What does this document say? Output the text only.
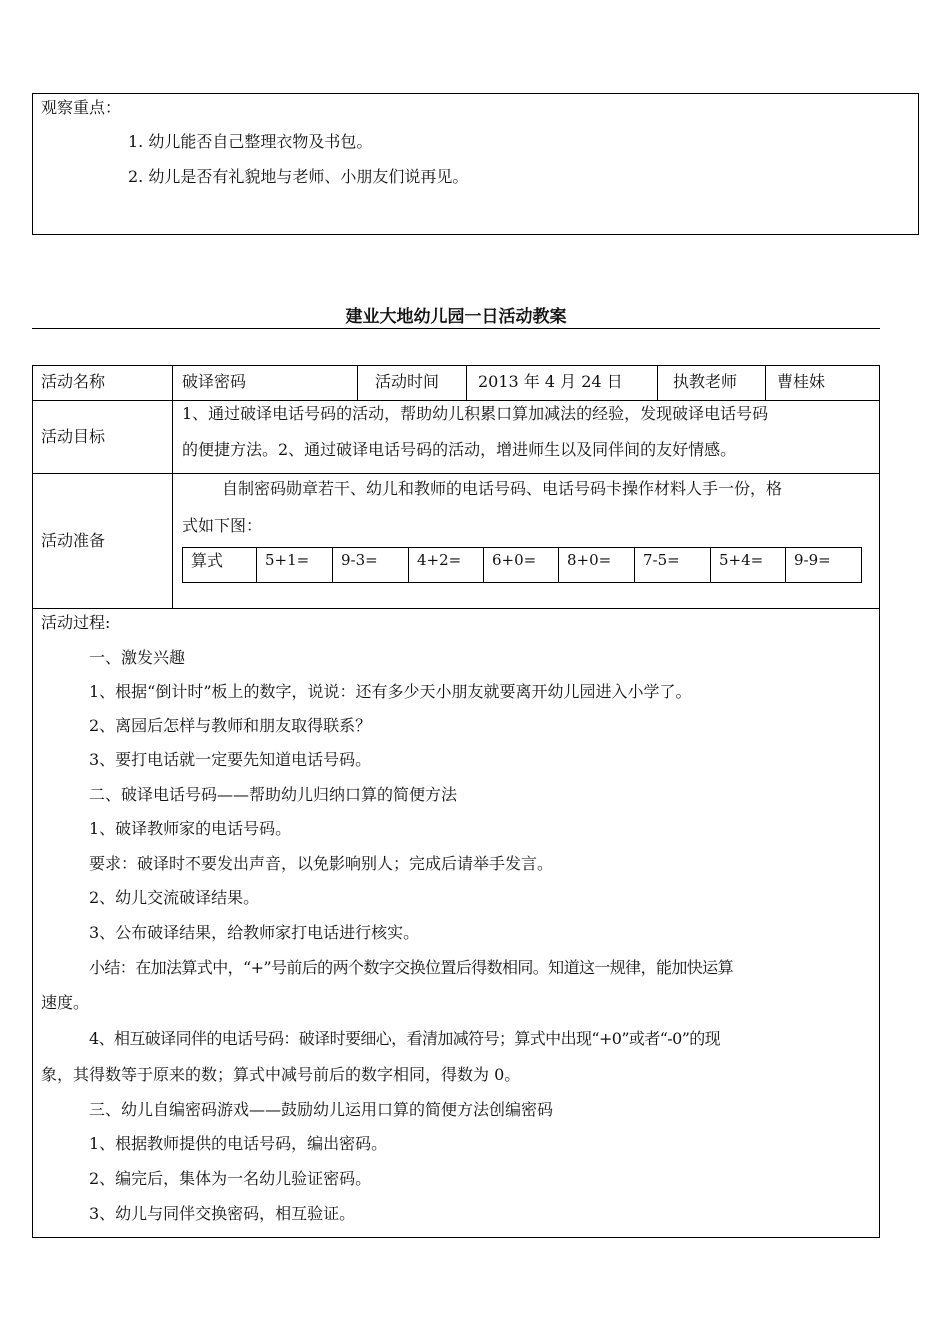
观察重点：
1. 幼儿能否自己整理衣物及书包。
2. 幼儿是否有礼貌地与老师、小朋友们说再见。
建业大地幼儿园一日活动教案
活动名称	破译密码	活动时间 2013 年 4 月 24 日	执教老师 曹桂妹
活动目标
1、通过破译电话号码的活动，帮助幼儿积累口算加减法的经验，发现破译电话号码
的便捷方法。2、通过破译电话号码的活动，增进师生以及同伴间的友好情感。
活动准备
自制密码勋章若干、幼儿和教师的电话号码、电话号码卡操作材料人手一份，格
式如下图：
算式	5+1= 9-3=	4+2= 6+0= 8+0= 7-5=	5+4= 9-9=
活动过程:
一、激发兴趣
1、根据“倒计时”板上的数字，说说：还有多少天小朋友就要离开幼儿园进入小学了。
2、离园后怎样与教师和朋友取得联系？
3、要打电话就一定要先知道电话号码。
二、破译电话号码——帮助幼儿归纳口算的简便方法
1、破译教师家的电话号码。
要求：破译时不要发出声音，以免影响别人；完成后请举手发言。
2、幼儿交流破译结果。
3、公布破译结果，给教师家打电话进行核实。
小结：在加法算式中，“+”号前后的两个数字交换位置后得数相同。知道这一规律，能加快运算
速度。
4、相互破译同伴的电话号码：破译时要细心，看清加减符号；算式中出现“+0”或者“-0”的现
象，其得数等于原来的数；算式中减号前后的数字相同，得数为 0。
三、幼儿自编密码游戏——鼓励幼儿运用口算的简便方法创编密码
1、根据教师提供的电话号码，编出密码。
2、编完后，集体为一名幼儿验证密码。
3、幼儿与同伴交换密码，相互验证。
